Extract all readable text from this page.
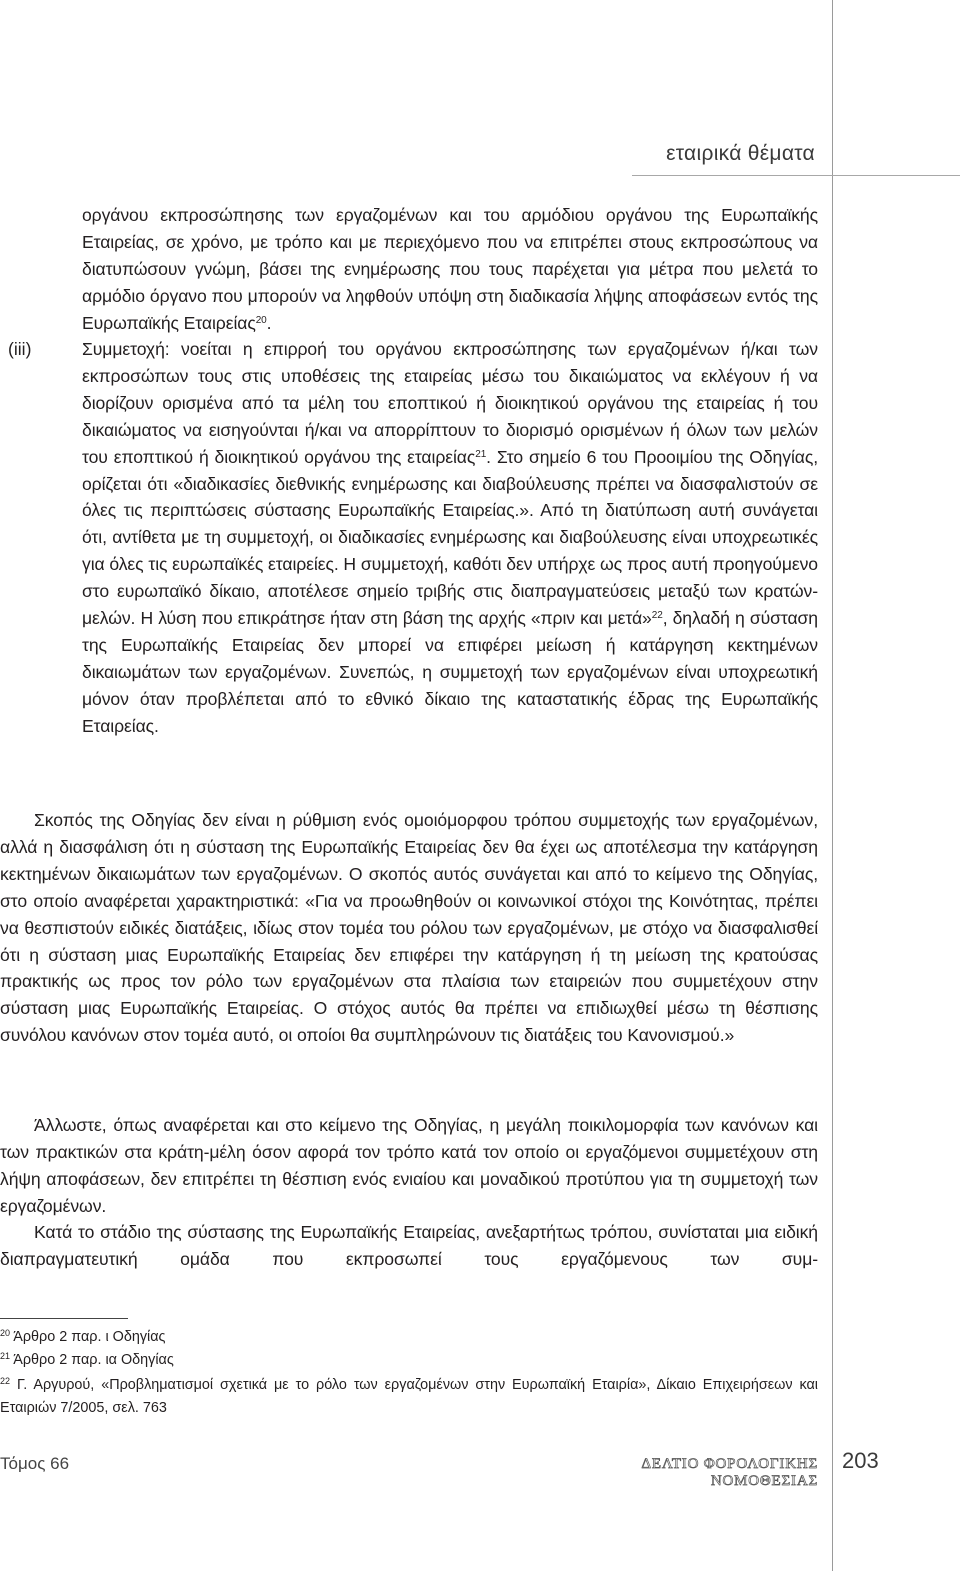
εταιρικά θέματα

οργάνου εκπροσώπησης των εργαζομένων και του αρμόδιου οργάνου της Ευρωπαϊκής Εταιρείας, σε χρόνο, με τρόπο και με περιεχόμενο που να επιτρέπει στους εκπροσώπους να διατυπώσουν γνώμη, βάσει της ενημέρωσης που τους παρέχεται για μέτρα που μελετά το αρμόδιο όργανο που μπορούν να ληφθούν υπόψη στη διαδικασία λήψης αποφάσεων εντός της Ευρωπαϊκής Εταιρείας$^{20}$.

(iii)	Συμμετοχή: νοείται η επιρροή του οργάνου εκπροσώπησης των εργαζομένων ή/και των εκπροσώπων τους στις υποθέσεις της εταιρείας μέσω του δικαιώματος να εκλέγουν ή να διορίζουν ορισμένα από τα μέλη του εποπτικού ή διοικητικού οργάνου της εταιρείας ή του δικαιώματος να εισηγούνται ή/και να απορρίπτουν το διορισμό ορισμένων ή όλων των μελών του εποπτικού ή διοικητικού οργάνου της εταιρείας$^{21}$. Στο σημείο 6 του Προοιμίου της Οδηγίας, ορίζεται ότι «διαδικασίες διεθνικής ενημέρωσης και διαβούλευσης πρέπει να διασφαλιστούν σε όλες τις περιπτώσεις σύστασης Ευρωπαϊκής Εταιρείας.». Από τη διατύπωση αυτή συνάγεται ότι, αντίθετα με τη συμμετοχή, οι διαδικασίες ενημέρωσης και διαβούλευσης είναι υποχρεωτικές για όλες τις ευρωπαϊκές εταιρείες. Η συμμετοχή, καθότι δεν υπήρχε ως προς αυτή προηγούμενο στο ευρωπαϊκό δίκαιο, αποτέλεσε σημείο τριβής στις διαπραγματεύσεις μεταξύ των κρατών-μελών. Η λύση που επικράτησε ήταν στη βάση της αρχής «πριν και μετά»$^{22}$, δηλαδή η σύσταση της Ευρωπαϊκής Εταιρείας δεν μπορεί να επιφέρει μείωση ή κατάργηση κεκτημένων δικαιωμάτων των εργαζομένων. Συνεπώς, η συμμετοχή των εργαζομένων είναι υποχρεωτική μόνον όταν προβλέπεται από το εθνικό δίκαιο της καταστατικής έδρας της Ευρωπαϊκής Εταιρείας.

Σκοπός της Οδηγίας δεν είναι η ρύθμιση ενός ομοιόμορφου τρόπου συμμετοχής των εργαζομένων, αλλά η διασφάλιση ότι η σύσταση της Ευρωπαϊκής Εταιρείας δεν θα έχει ως αποτέλεσμα την κατάργηση κεκτημένων δικαιωμάτων των εργαζομένων. Ο σκοπός αυτός συνάγεται και από το κείμενο της Οδηγίας, στο οποίο αναφέρεται χαρακτηριστικά: «Για να προωθηθούν οι κοινωνικοί στόχοι της Κοινότητας, πρέπει να θεσπιστούν ειδικές διατάξεις, ιδίως στον τομέα του ρόλου των εργαζομένων, με στόχο να διασφαλισθεί ότι η σύσταση μιας Ευρωπαϊκής Εταιρείας δεν επιφέρει την κατάργηση ή τη μείωση της κρατούσας πρακτικής ως προς τον ρόλο των εργαζομένων στα πλαίσια των εταιρειών που συμμετέχουν στην σύσταση μιας Ευρωπαϊκής Εταιρείας. Ο στόχος αυτός θα πρέπει να επιδιωχθεί μέσω τη θέσπισης συνόλου κανόνων στον τομέα αυτό, οι οποίοι θα συμπληρώνουν τις διατάξεις του Κανονισμού.»

Άλλωστε, όπως αναφέρεται και στο κείμενο της Οδηγίας, η μεγάλη ποικιλομορφία των κανόνων και των πρακτικών στα κράτη-μέλη όσον αφορά τον τρόπο κατά τον οποίο οι εργαζόμενοι συμμετέχουν στη λήψη αποφάσεων, δεν επιτρέπει τη θέσπιση ενός ενιαίου και μοναδικού προτύπου για τη συμμετοχή των εργαζομένων.

Κατά το στάδιο της σύστασης της Ευρωπαϊκής Εταιρείας, ανεξαρτήτως τρόπου, συνίσταται μια ειδική διαπραγματευτική ομάδα που εκπροσωπεί τους εργαζόμενους των συμ-

$^{20}$ Άρθρο 2 παρ. ι Οδηγίας
$^{21}$ Άρθρο 2 παρ. ια Οδηγίας
$^{22}$ Γ. Αργυρού, «Προβληματισμοί σχετικά με το ρόλο των εργαζομένων στην Ευρωπαϊκή Εταιρία», Δίκαιο Επιχειρήσεων και Εταιριών 7/2005, σελ. 763
Τόμος 66	ΔΕΛΤΙΟ ΦΟΡΟΛΟΓΙΚΗΣ ΝΟΜΟΘΕΣΙΑΣ
203
